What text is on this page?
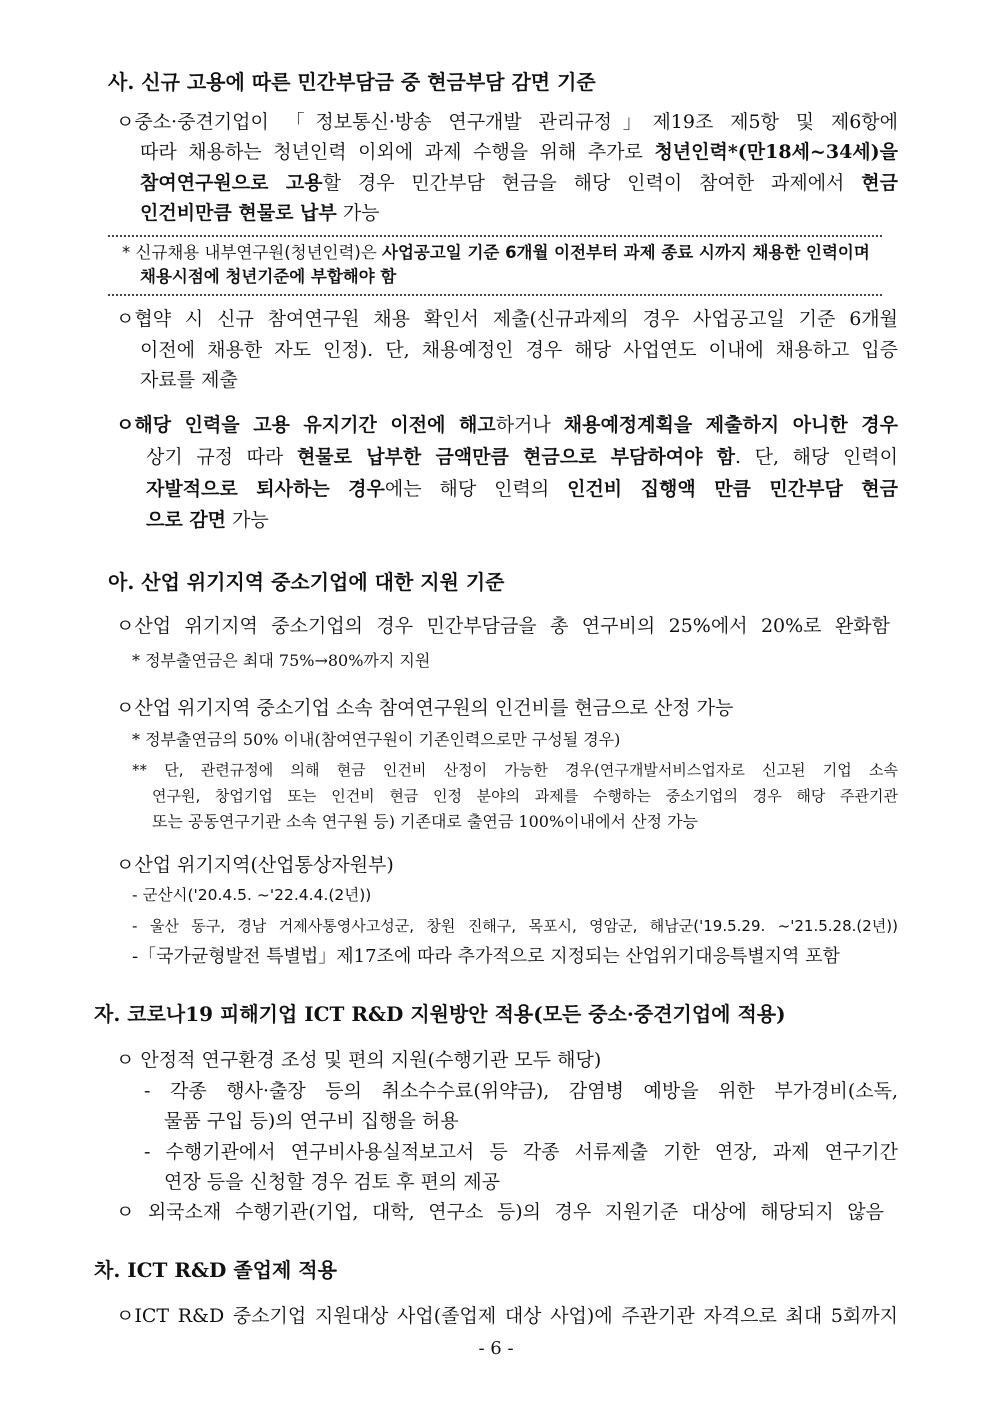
사. 신규 고용에 따른 민간부담금 중 현금부담 감면 기준
ㅇ중소·중견기업이 「정보통신·방송 연구개발 관리규정」제19조 제5항 및 제6항에
따라 채용하는 청년인력 이외에 과제 수행을 위해 추가로 청년인력*(만18세~34세)을
참여연구원으로 고용할 경우 민간부담 현금을 해당 인력이 참여한 과제에서 현금
인건비만큼 현물로 납부 가능
* 신규채용 내부연구원(청년인력)은 사업공고일 기준 6개월 이전부터 과제 종료 시까지 채용한 인력이며
채용시점에 청년기준에 부합해야 함
ㅇ협약 시 신규 참여연구원 채용 확인서 제출(신규과제의 경우 사업공고일 기준 6개월
이전에 채용한 자도 인정). 단, 채용예정인 경우 해당 사업연도 이내에 채용하고 입증
자료를 제출
ㅇ해당 인력을 고용 유지기간 이전에 해고하거나 채용예정계획을 제출하지 아니한 경우
상기 규정 따라 현물로 납부한 금액만큼 현금으로 부담하여야 함. 단, 해당 인력이
자발적으로 퇴사하는 경우에는 해당 인력의 인건비 집행액 만큼 민간부담 현금
으로 감면 가능
아. 산업 위기지역 중소기업에 대한 지원 기준
ㅇ산업 위기지역 중소기업의 경우 민간부담금을 총 연구비의 25%에서 20%로 완화함
* 정부출연금은 최대 75%→80%까지 지원
ㅇ산업 위기지역 중소기업 소속 참여연구원의 인건비를 현금으로 산정 가능
* 정부출연금의 50% 이내(참여연구원이 기존인력으로만 구성될 경우)
** 단, 관련규정에 의해 현금 인건비 산정이 가능한 경우(연구개발서비스업자로 신고된 기업 소속
연구원, 창업기업 또는 인건비 현금 인정 분야의 과제를 수행하는 중소기업의 경우 해당 주관기관
또는 공동연구기관 소속 연구원 등) 기존대로 출연금 100%이내에서 산정 가능
ㅇ산업 위기지역(산업통상자원부)
- 군산시('20.4.5. ~'22.4.4.(2년))
- 울산 동구, 경남 거제사통영사고성군, 창원 진해구, 목포시, 영암군, 해남군('19.5.29. ~'21.5.28.(2년))
-「국가균형발전 특별법」제17조에 따라 추가적으로 지정되는 산업위기대응특별지역 포함
자. 코로나19 피해기업 ICT R&D 지원방안 적용(모든 중소·중견기업에 적용)
ㅇ 안정적 연구환경 조성 및 편의 지원(수행기관 모두 해당)
- 각종 행사·출장 등의 취소수수료(위약금), 감염병 예방을 위한 부가경비(소독,
물품 구입 등)의 연구비 집행을 허용
- 수행기관에서 연구비사용실적보고서 등 각종 서류제출 기한 연장, 과제 연구기간
연장 등을 신청할 경우 검토 후 편의 제공
ㅇ 외국소재 수행기관(기업, 대학, 연구소 등)의 경우 지원기준 대상에 해당되지 않음
차. ICT R&D 졸업제 적용
ㅇICT R&D 중소기업 지원대상 사업(졸업제 대상 사업)에 주관기관 자격으로 최대 5회까지
- 6 -
